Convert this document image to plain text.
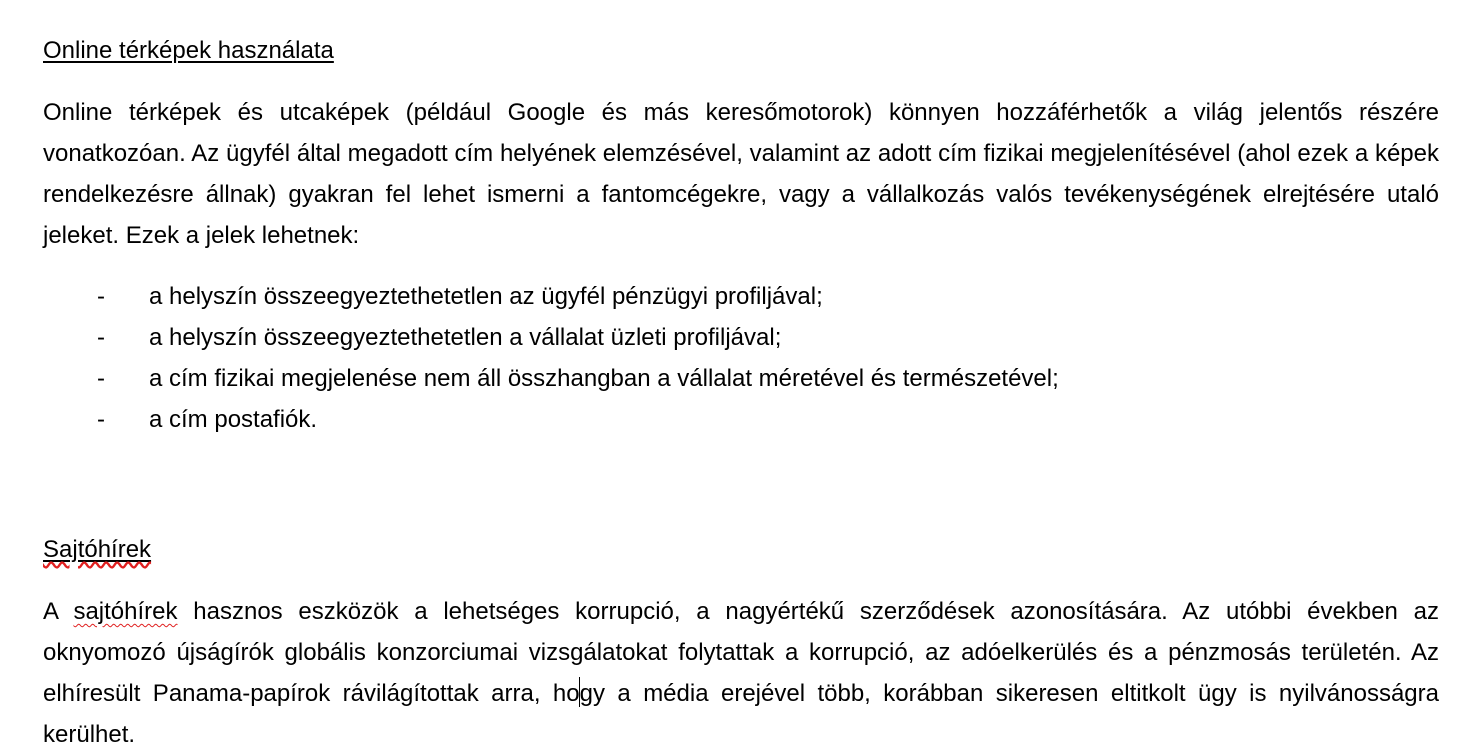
Online térképek használata

Online térképek és utcaképek (például Google és más keresőmotorok) könnyen hozzáférhetők a világ jelentős részére vonatkozóan. Az ügyfél által megadott cím helyének elemzésével, valamint az adott cím fizikai megjelenítésével (ahol ezek a képek rendelkezésre állnak) gyakran fel lehet ismerni a fantomcégekre, vagy a vállalkozás valós tevékenységének elrejtésére utaló jeleket. Ezek a jelek lehetnek:

- a helyszín összeegyeztethetetlen az ügyfél pénzügyi profiljával;
- a helyszín összeegyeztethetetlen a vállalat üzleti profiljával;
- a cím fizikai megjelenése nem áll összhangban a vállalat méretével és természetével;
- a cím postafiók.

Sajtóhírek

A sajtóhírek hasznos eszközök a lehetséges korrupció, a nagyértékű szerződések azonosítására. Az utóbbi években az oknyomozó újságírók globális konzorciumai vizsgálatokat folytattak a korrupció, az adóelkerülés és a pénzmosás területén. Az elhíresült Panama-papírok rávilágítottak arra, hogy a média erejével több, korábban sikeresen eltitkolt ügy is nyilvánosságra kerülhet.
